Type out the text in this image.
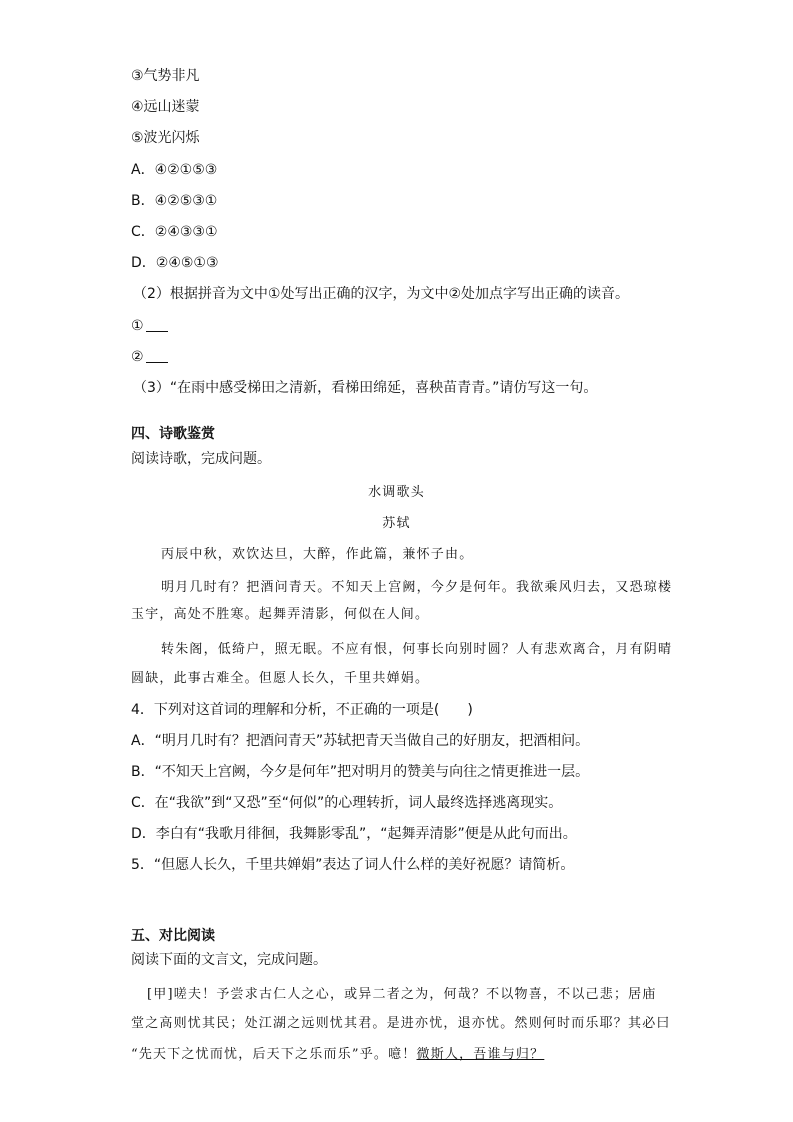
③气势非凡
④远山迷蒙
⑤波光闪烁
A．④②①⑤③
B．④②⑤③①
C．②④③③①
D．②④⑤①③
（2）根据拼音为文中①处写出正确的汉字，为文中②处加点字写出正确的读音。
①
②
（3）“在雨中感受梯田之清新，看梯田绵延，喜秧苗青青。”请仿写这一句。
四、诗歌鉴赏
阅读诗歌，完成问题。
水调歌头
苏轼
丙辰中秋，欢饮达旦，大醉，作此篇，兼怀子由。
明月几时有？把酒问青天。不知天上宫阙，今夕是何年。我欲乘风归去，又恐琼楼
玉宇，高处不胜寒。起舞弄清影，何似在人间。
转朱阁，低绮户，照无眠。不应有恨，何事长向别时圆？人有悲欢离合，月有阴晴
圆缺，此事古难全。但愿人长久，千里共婵娟。
4．下列对这首词的理解和分析，不正确的一项是(　　)
A．“明月几时有？把酒问青天”苏轼把青天当做自己的好朋友，把酒相问。
B．“不知天上宫阙，今夕是何年”把对明月的赞美与向往之情更推进一层。
C．在“我欲”到“又恐”至“何似”的心理转折，词人最终选择逃离现实。
D．李白有“我歌月徘徊，我舞影零乱”，“起舞弄清影”便是从此句而出。
5．“但愿人长久，千里共婵娟”表达了词人什么样的美好祝愿？请简析。
五、对比阅读
阅读下面的文言文，完成问题。
[甲]嗟夫！予尝求古仁人之心，或异二者之为，何哉？不以物喜，不以己悲；居庙
堂之高则忧其民；处江湖之远则忧其君。是进亦忧，退亦忧。然则何时而乐耶？其必曰
“先天下之忧而忧，后天下之乐而乐”乎。噫！微斯人，吾谁与归？
